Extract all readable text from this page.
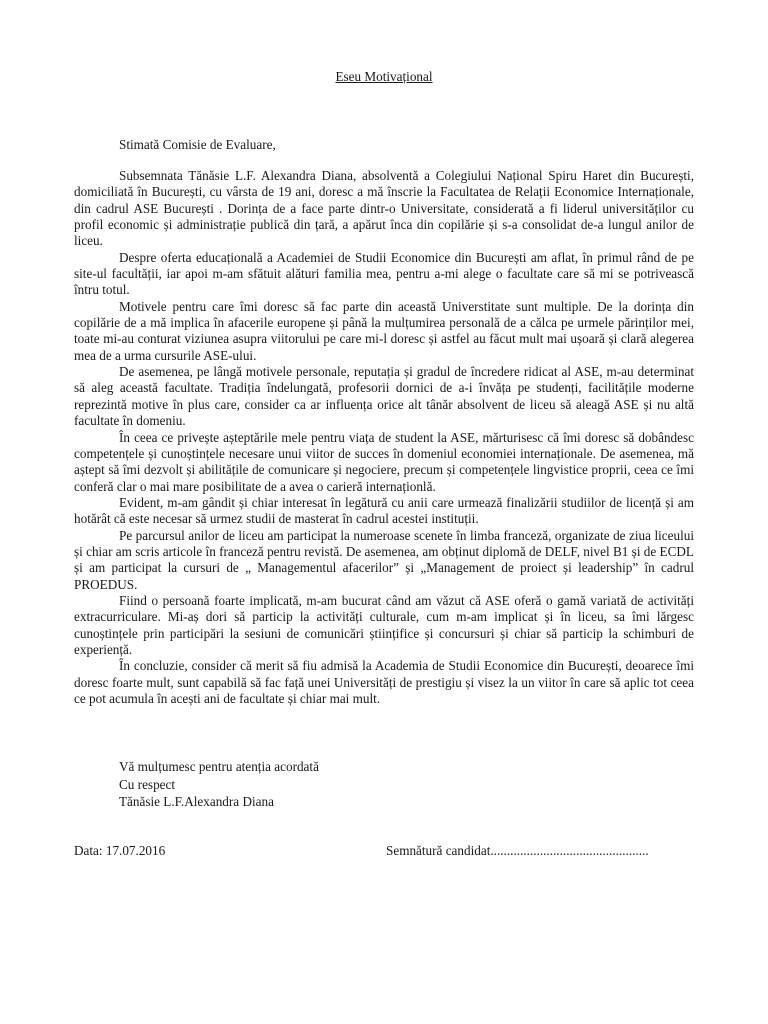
Eseu Motivațional
Stimată Comisie de Evaluare,

Subsemnata Tănăsie L.F. Alexandra Diana, absolventă a Colegiului Național Spiru Haret din București, domiciliată în București, cu vârsta de 19 ani, doresc a mă înscrie la Facultatea de Relații Economice Internaționale, din cadrul ASE București . Dorința de a face parte dintr-o Universitate, considerată a fi liderul universităților cu profil economic și administrație publică din țară, a apărut înca din copilărie și s-a consolidat de-a lungul anilor de liceu.

Despre oferta educațională a Academiei de Studii Economice din București am aflat, în primul rând de pe site-ul facultății, iar apoi m-am sfătuit alături familia mea, pentru a-mi alege o facultate care să mi se potrivească întru totul.

Motivele pentru care îmi doresc să fac parte din această Universtitate sunt multiple. De la dorința din copilărie de a mă implica în afacerile europene și până la mulțumirea personală de a călca pe urmele părinților mei, toate mi-au conturat viziunea asupra viitorului pe care mi-l doresc și astfel au făcut mult mai ușoară și clară alegerea mea de a urma cursurile ASE-ului.

De asemenea, pe lângă motivele personale, reputația și gradul de încredere ridicat al ASE, m-au determinat să aleg această facultate. Tradiția îndelungată, profesorii dornici de a-i învăța pe studenți, facilitățile moderne reprezintă motive în plus care, consider ca ar influența orice alt tânăr absolvent de liceu să aleagă ASE și nu altă facultate în domeniu.

În ceea ce privește așteptările mele pentru viața de student la ASE, mărturisesc că îmi doresc să dobândesc competențele și cunoștințele necesare unui viitor de succes în domeniul economiei internaționale. De asemenea, mă aștept să îmi dezvolt și abilitățile de comunicare și negociere, precum și competențele lingvistice proprii, ceea ce îmi conferă clar o mai mare posibilitate de a avea o carieră internaționlă.

Evident, m-am gândit și chiar interesat în legătură cu anii care urmează finalizării studiilor de licență și am hotărât că este necesar să urmez studii de masterat în cadrul acestei instituții.

Pe parcursul anilor de liceu am participat la numeroase scenete în limba franceză, organizate de ziua liceului și chiar am scris articole în franceză pentru revistă. De asemenea, am obținut diplomă de DELF, nivel B1 și de ECDL și am participat la cursuri de „ Managementul afacerilor” și „Management de proiect și leadership” în cadrul PROEDUS.

Fiind o persoană foarte implicată, m-am bucurat când am văzut că ASE oferă o gamă variată de activități extracurriculare. Mi-aș dori să particip la activități culturale, cum m-am implicat și în liceu, sa îmi lărgesc cunoștințele prin participări la sesiuni de comunicări științifice și concursuri și chiar să particip la schimburi de experiență.

În concluzie, consider că merit să fiu admisă la Academia de Studii Economice din București, deoarece îmi doresc foarte mult, sunt capabilă să fac față unei Universități de prestigiu și visez la un viitor în care să aplic tot ceea ce pot acumula în acești ani de facultate și chiar mai mult.

Vă mulțumesc pentru atenția acordată
Cu respect
Tănăsie L.F.Alexandra Diana
Data: 17.07.2016	Semnătură candidat................................................
